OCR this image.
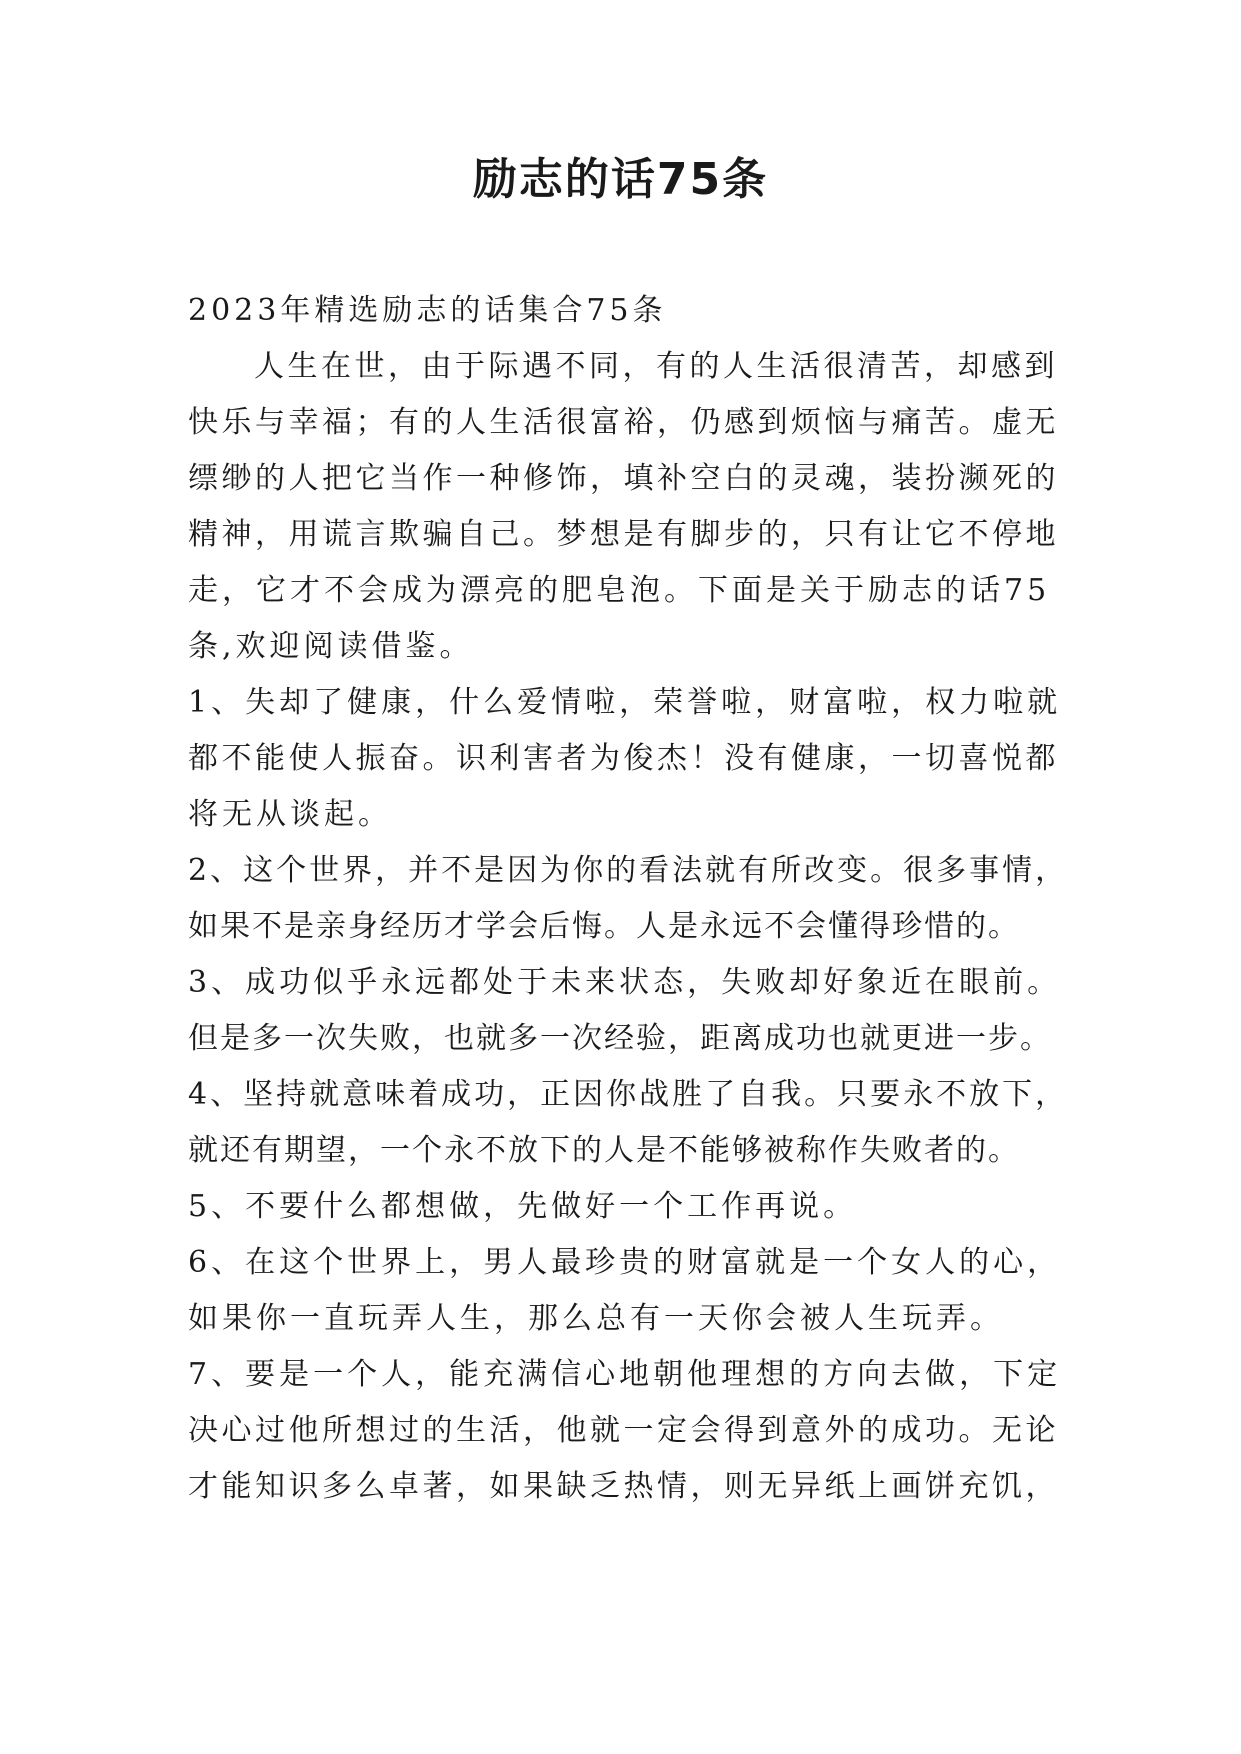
励志的话75条
2023年精选励志的话集合75条
人生在世，由于际遇不同，有的人生活很清苦，却感到
快乐与幸福；有的人生活很富裕，仍感到烦恼与痛苦。虚无
缥缈的人把它当作一种修饰，填补空白的灵魂，装扮濒死的
精神，用谎言欺骗自己。梦想是有脚步的，只有让它不停地
走，它才不会成为漂亮的肥皂泡。下面是关于励志的话75
条,欢迎阅读借鉴。
1、失却了健康，什么爱情啦，荣誉啦，财富啦，权力啦就
都不能使人振奋。识利害者为俊杰！没有健康，一切喜悦都
将无从谈起。
2、这个世界，并不是因为你的看法就有所改变。很多事情，
如果不是亲身经历才学会后悔。人是永远不会懂得珍惜的。
3、成功似乎永远都处于未来状态，失败却好象近在眼前。
但是多一次失败，也就多一次经验，距离成功也就更进一步。
4、坚持就意味着成功，正因你战胜了自我。只要永不放下，
就还有期望，一个永不放下的人是不能够被称作失败者的。
5、不要什么都想做，先做好一个工作再说。
6、在这个世界上，男人最珍贵的财富就是一个女人的心，
如果你一直玩弄人生，那么总有一天你会被人生玩弄。
7、要是一个人，能充满信心地朝他理想的方向去做，下定
决心过他所想过的生活，他就一定会得到意外的成功。无论
才能知识多么卓著，如果缺乏热情，则无异纸上画饼充饥，
